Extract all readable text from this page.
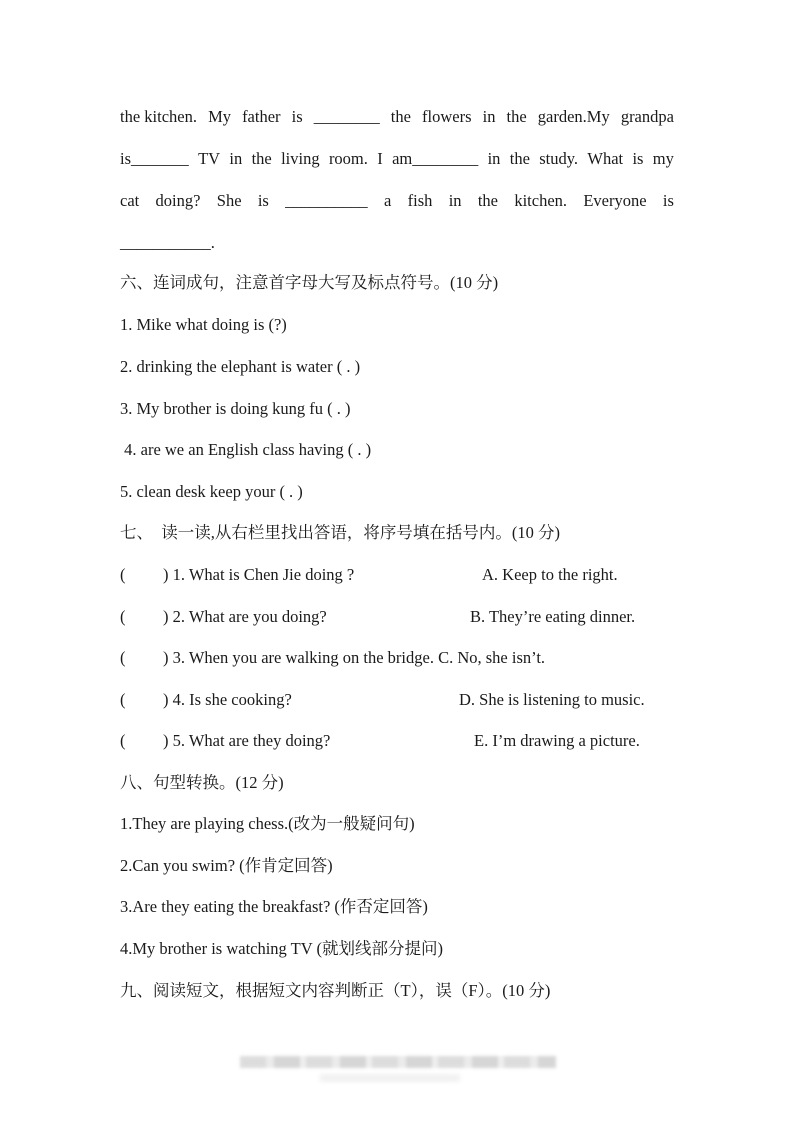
the kitchen. My father is ________ the flowers in the garden.My grandpa
is_______ TV in the living room. I am________ in the study. What is my
cat doing? She is __________ a fish in the kitchen. Everyone is
___________.
六、连词成句，注意首字母大写及标点符号。(10 分)
1. Mike what doing is (?)
2. drinking the elephant is water ( . )
3. My brother is doing kung fu ( . )
4. are we an English class having ( . )
5. clean desk keep your ( . )
七、  读一读,从右栏里找出答语，将序号填在括号内。(10 分)
( ) 1. What is Chen Jie doing ?	A. Keep to the right.
( ) 2. What are you doing?	B. They’re eating dinner.
( ) 3. When you are walking on the bridge. C. No, she isn’t.
( ) 4. Is she cooking?	D. She is listening to music.
( ) 5. What are they doing?	E. I’m drawing a picture.
八、句型转换。(12 分)
1.They are playing chess.(改为一般疑问句)
2.Can you swim? (作肯定回答)
3.Are they eating the breakfast? (作否定回答)
4.My brother is watching TV (就划线部分提问)
九、阅读短文，根据短文内容判断正（T），误（F）。(10 分)
